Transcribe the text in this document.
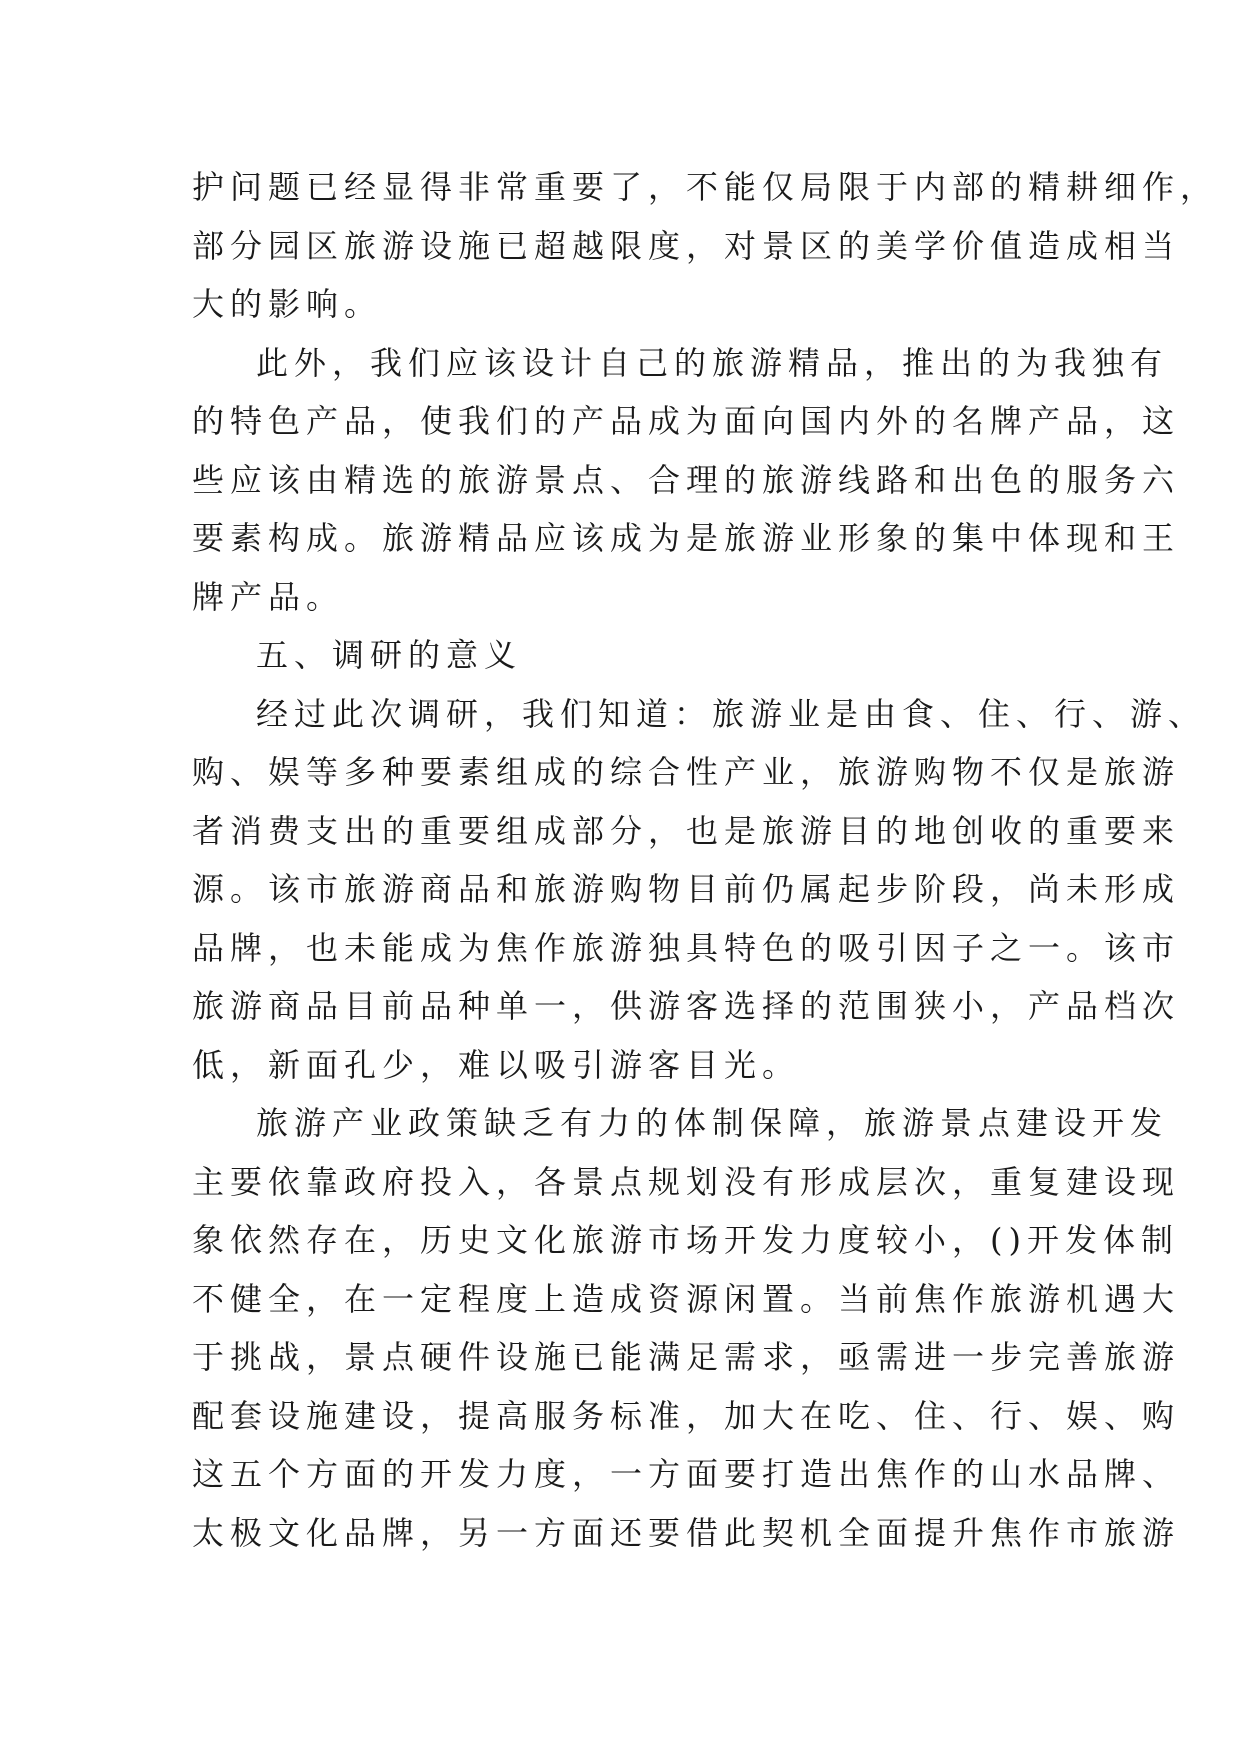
护问题已经显得非常重要了，不能仅局限于内部的精耕细作，
部分园区旅游设施已超越限度，对景区的美学价值造成相当
大的影响。
此外，我们应该设计自己的旅游精品，推出的为我独有
的特色产品，使我们的产品成为面向国内外的名牌产品，这
些应该由精选的旅游景点、合理的旅游线路和出色的服务六
要素构成。旅游精品应该成为是旅游业形象的集中体现和王
牌产品。
五、调研的意义
经过此次调研，我们知道：旅游业是由食、住、行、游、
购、娱等多种要素组成的综合性产业，旅游购物不仅是旅游
者消费支出的重要组成部分，也是旅游目的地创收的重要来
源。该市旅游商品和旅游购物目前仍属起步阶段，尚未形成
品牌，也未能成为焦作旅游独具特色的吸引因子之一。该市
旅游商品目前品种单一，供游客选择的范围狭小，产品档次
低，新面孔少，难以吸引游客目光。
旅游产业政策缺乏有力的体制保障，旅游景点建设开发
主要依靠政府投入，各景点规划没有形成层次，重复建设现
象依然存在，历史文化旅游市场开发力度较小，()开发体制
不健全，在一定程度上造成资源闲置。当前焦作旅游机遇大
于挑战，景点硬件设施已能满足需求，亟需进一步完善旅游
配套设施建设，提高服务标准，加大在吃、住、行、娱、购
这五个方面的开发力度，一方面要打造出焦作的山水品牌、
太极文化品牌，另一方面还要借此契机全面提升焦作市旅游
